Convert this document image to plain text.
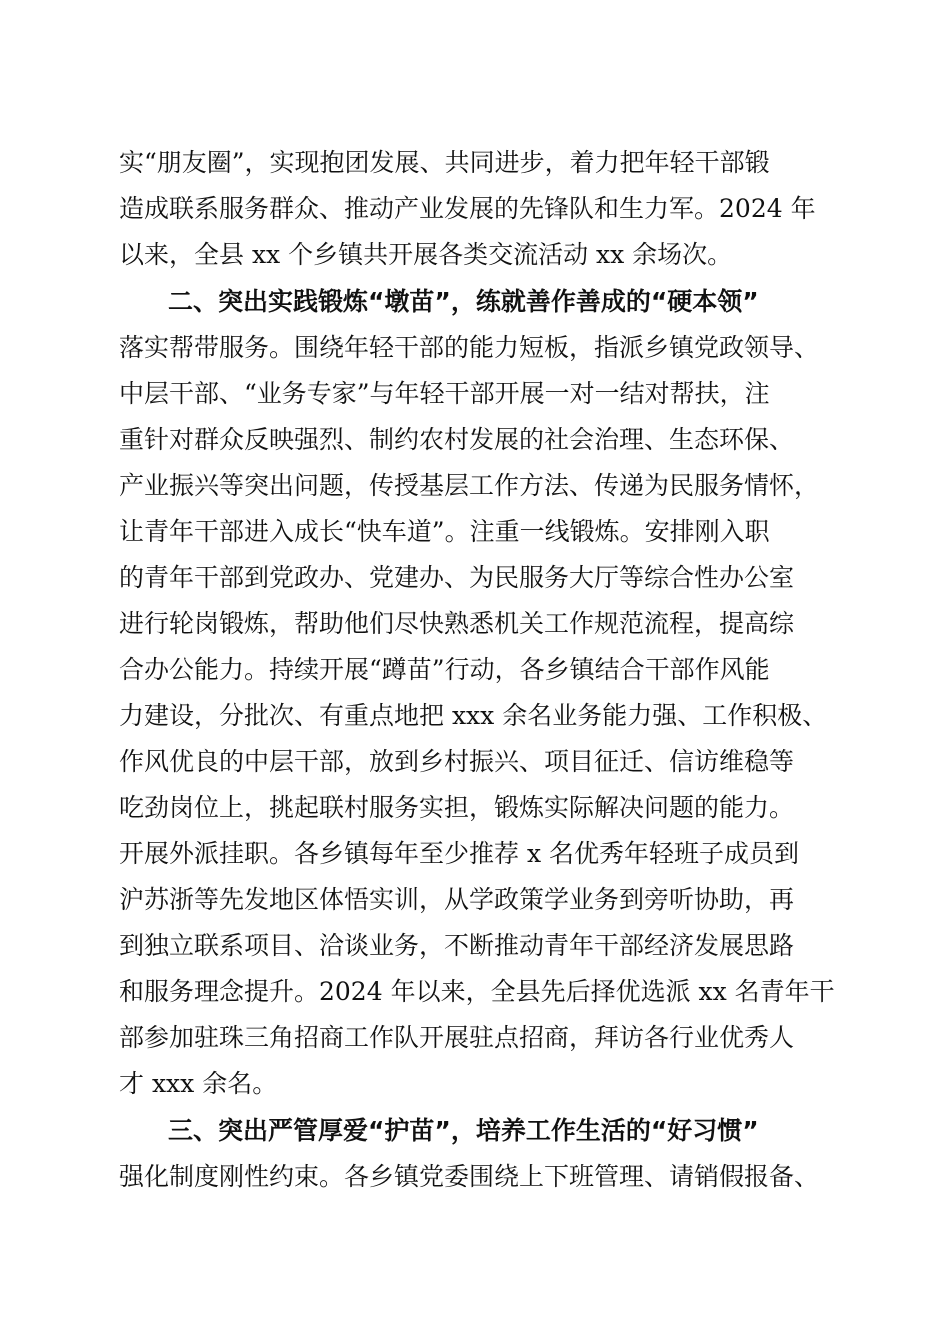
实“朋友圈”，实现抱团发展、共同进步，着力把年轻干部锻
造成联系服务群众、推动产业发展的先锋队和生力军。2024 年
以来，全县 xx 个乡镇共开展各类交流活动 xx 余场次。
二、突出实践锻炼“墩苗”，练就善作善成的“硬本领”
落实帮带服务。围绕年轻干部的能力短板，指派乡镇党政领导、
中层干部、“业务专家”与年轻干部开展一对一结对帮扶，注
重针对群众反映强烈、制约农村发展的社会治理、生态环保、
产业振兴等突出问题，传授基层工作方法、传递为民服务情怀，
让青年干部进入成长“快车道”。注重一线锻炼。安排刚入职
的青年干部到党政办、党建办、为民服务大厅等综合性办公室
进行轮岗锻炼，帮助他们尽快熟悉机关工作规范流程，提高综
合办公能力。持续开展“蹲苗”行动，各乡镇结合干部作风能
力建设，分批次、有重点地把 xxx 余名业务能力强、工作积极、
作风优良的中层干部，放到乡村振兴、项目征迁、信访维稳等
吃劲岗位上，挑起联村服务实担，锻炼实际解决问题的能力。
开展外派挂职。各乡镇每年至少推荐 x 名优秀年轻班子成员到
沪苏浙等先发地区体悟实训，从学政策学业务到旁听协助，再
到独立联系项目、洽谈业务，不断推动青年干部经济发展思路
和服务理念提升。2024 年以来，全县先后择优选派 xx 名青年干
部参加驻珠三角招商工作队开展驻点招商，拜访各行业优秀人
才 xxx 余名。
三、突出严管厚爱“护苗”，培养工作生活的“好习惯”
强化制度刚性约束。各乡镇党委围绕上下班管理、请销假报备、
